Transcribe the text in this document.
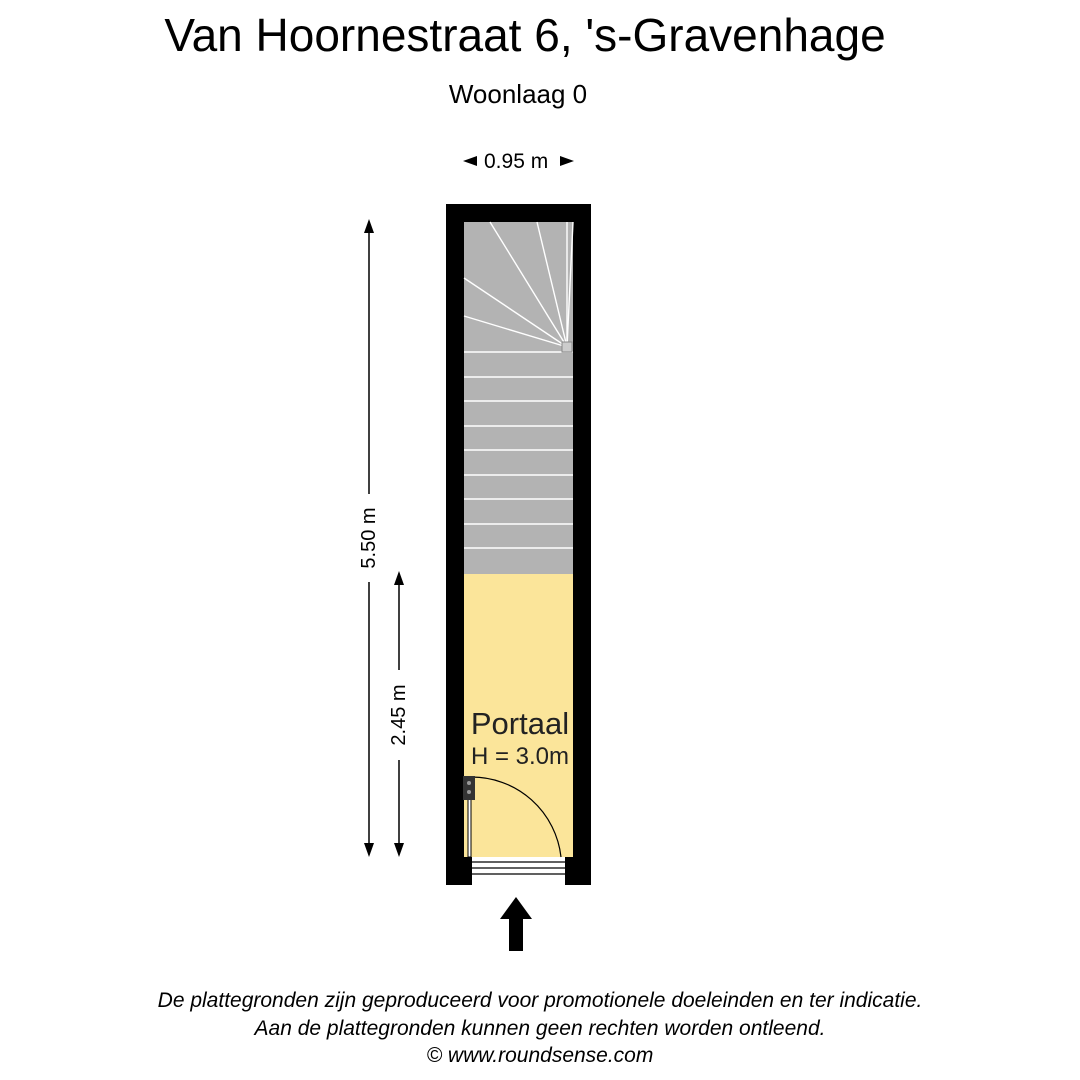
Van Hoornestraat 6, 's-Gravenhage
Woonlaag 0
0.95 m
5.50 m
2.45 m Portaal
H = 3.0m
De plattegronden zijn geproduceerd voor promotionele doeleinden en ter indicatie.
Aan de plattegronden kunnen geen rechten worden ontleend.
© www.roundsense.com
